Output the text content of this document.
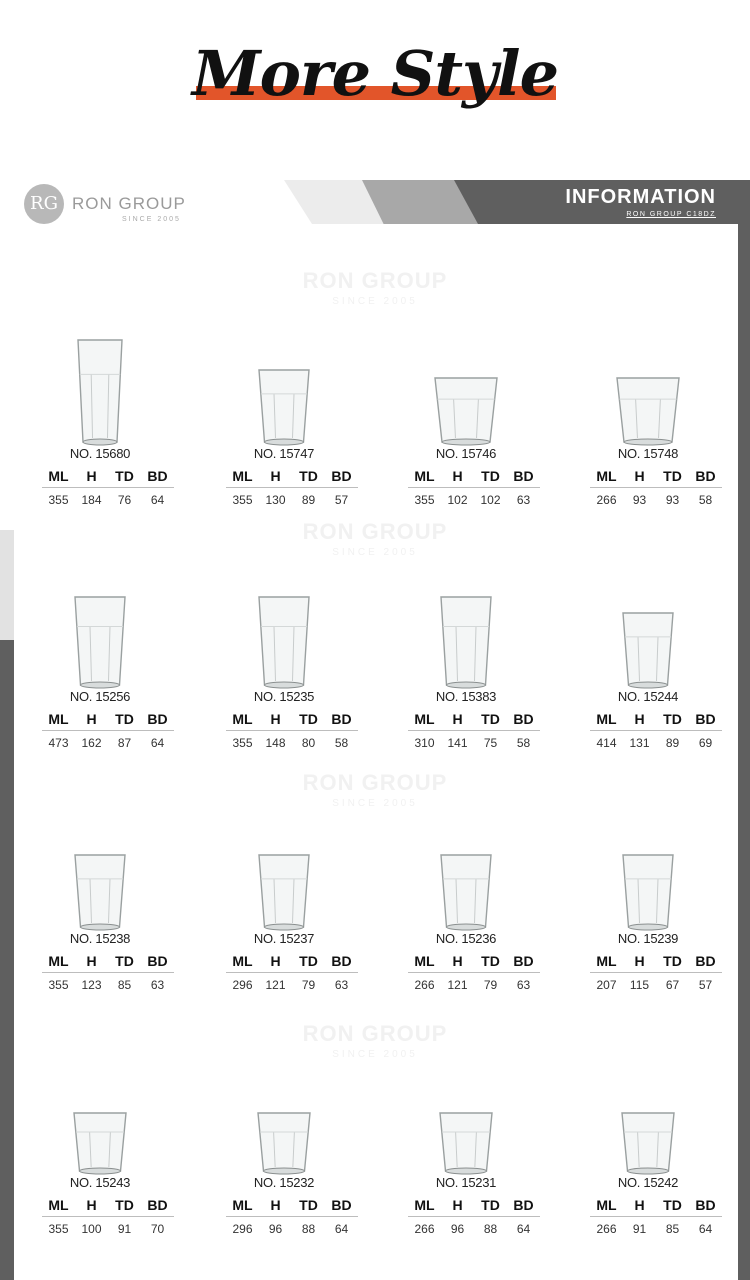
More Style
RG RON GROUP
SINCE 2005
INFORMATION
RON GROUP C18DZ
RON GROUP
SINCE 2005
RON GROUP
SINCE 2005
RON GROUP
SINCE 2005
RON GROUP
SINCE 2005
NO. 15680
ML	H	TD BD
355	184	76	64
NO. 15747
ML	H	TD BD
355	130	89	57
NO. 15746
ML	H	TD BD
355	102	102	63
NO. 15748
ML	H	TD BD
266	93	93	58
NO. 15256
ML	H	TD BD
473	162	87	64
NO. 15235
ML	H	TD BD
355	148	80	58
NO. 15383
ML	H	TD BD
310	141	75	58
NO. 15244
ML	H	TD BD
414	131	89	69
NO. 15238
ML	H	TD BD
355	123	85	63
NO. 15237
ML	H	TD BD
296	121	79	63
NO. 15236
ML	H	TD BD
266	121	79	63
NO. 15239
ML	H	TD BD
207	115	67	57
NO. 15243
ML	H	TD BD
355	100	91	70
NO. 15232
ML	H	TD BD
296	96	88	64
NO. 15231
ML	H	TD BD
266	96	88	64
NO. 15242
ML	H	TD BD
266	91	85	64
